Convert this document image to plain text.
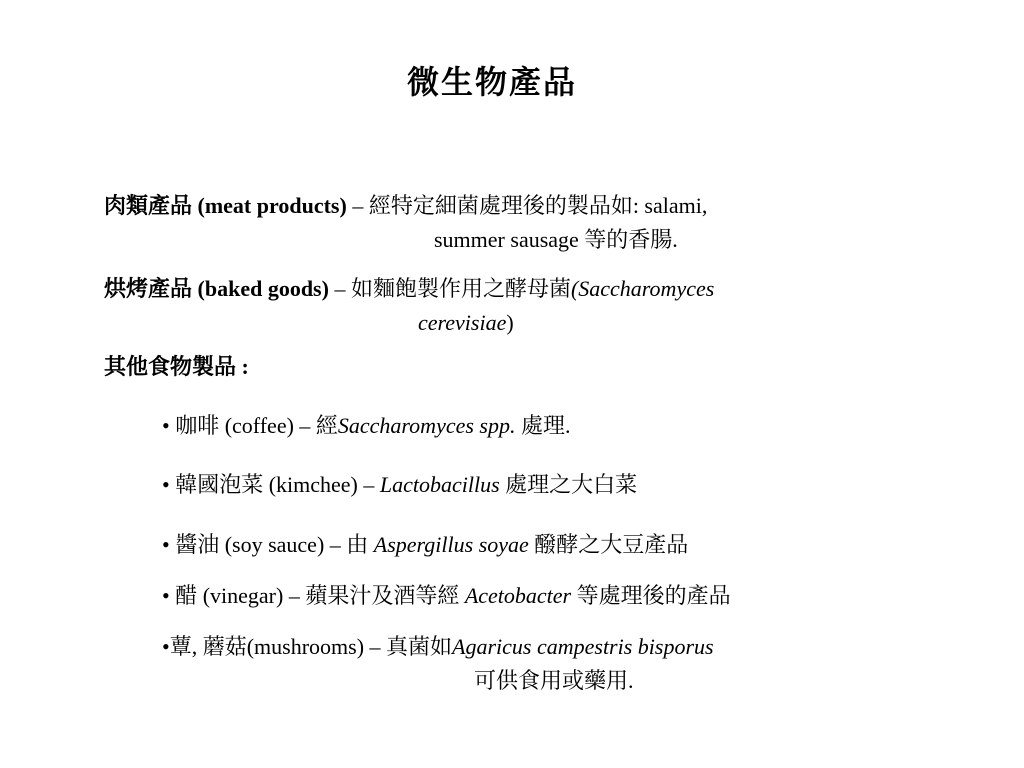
微生物產品
肉類產品 (meat products) – 經特定細菌處理後的製品如: salami,
summer sausage 等的香腸.
烘烤產品 (baked goods) – 如麵飽製作用之酵母菌(Saccharomyces
cerevisiae)
其他食物製品 :
• 咖啡 (coffee) – 經Saccharomyces spp. 處理.
• 韓國泡菜 (kimchee) – Lactobacillus 處理之大白菜
• 醬油 (soy sauce) – 由 Aspergillus soyae 醱酵之大豆產品
• 醋 (vinegar) – 蘋果汁及酒等經 Acetobacter 等處理後的產品
•蕈, 蘑菇(mushrooms) – 真菌如Agaricus campestris bisporus
可供食用或藥用.
